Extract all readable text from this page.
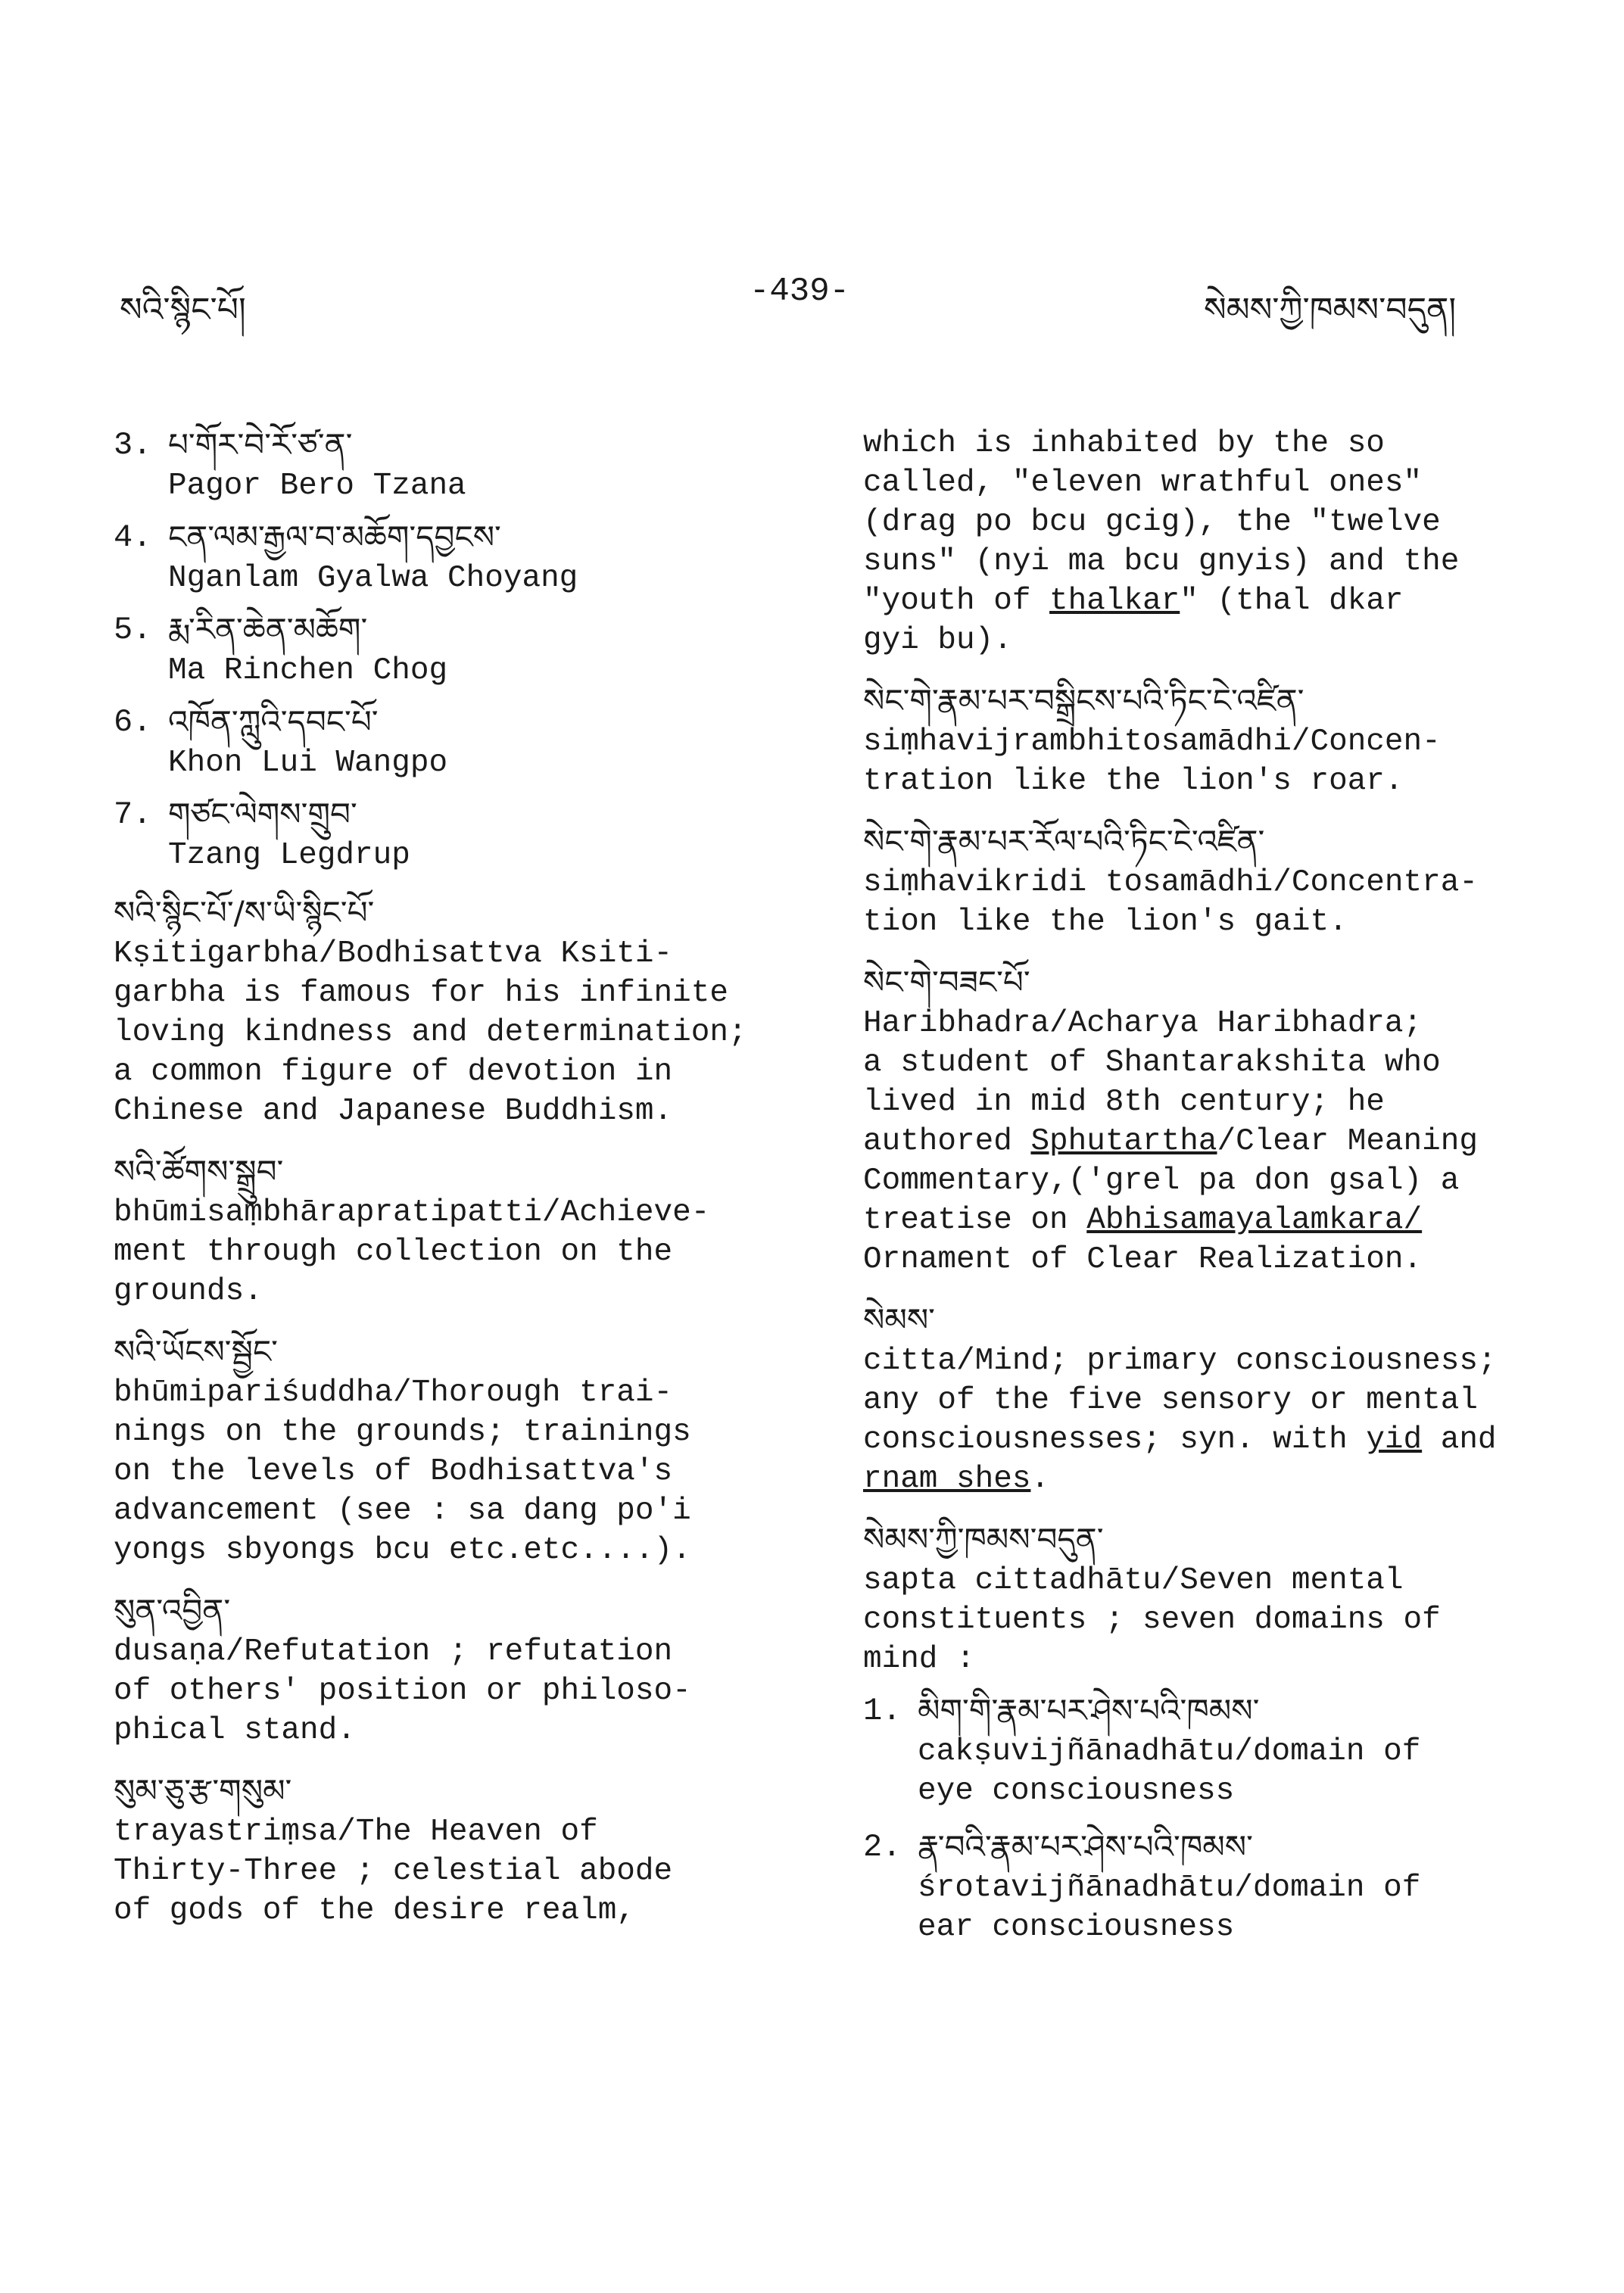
སའི་སྙིང་པོ།	-439-	སེམས་ཀྱི་ཁམས་བདུན།
3. པ་གོར་བེ་རོ་ཙ་ན་
Pagor Bero Tzana
4. ངན་ལམ་རྒྱལ་བ་མཆོག་དབྱངས་
Nganlam Gyalwa Choyang
5. རྨ་རིན་ཆེན་མཆོག་
Ma Rinchen Chog
6. འཁོན་ཀླུའི་དབང་པོ་
Khon Lui Wangpo
7. གཙང་ལེགས་གྲུབ་
Tzang Legdrup
སའི་སྙིང་པོ་/ས་ཡི་སྙིང་པོ་
Kṣitigarbha/Bodhisattva Ksiti-
garbha is famous for his infinite
loving kindness and determination;
a common figure of devotion in
Chinese and Japanese Buddhism.
སའི་ཚོགས་སྒྲུབ་
bhūmisaṃbhārapratipatti/Achieve-
ment through collection on the
grounds.
སའི་ཡོངས་སྦྱོང་
bhūmipariśuddha/Thorough trai-
nings on the grounds; trainings
on the levels of Bodhisattva's
advancement (see : sa dang po'i
yongs sbyongs bcu etc.etc....).
སུན་འབྱིན་
dusaṇa/Refutation ; refutation
of others' position or philoso-
phical stand.
སུམ་ཅུ་རྩ་གསུམ་
trayastriṃsa/The Heaven of
Thirty-Three ; celestial abode
of gods of the desire realm,
which is inhabited by the so
called, "eleven wrathful ones"
(drag po bcu gcig), the "twelve
suns" (nyi ma bcu gnyis) and the
"youth of thalkar" (thal dkar
gyi bu).
སེང་གེ་རྣམ་པར་བསྒྲིངས་པའི་ཏིང་ངེ་འཛིན་
siṃhavijrambhitosamādhi/Concen-
tration like the lion's roar.
སེང་གེ་རྣམ་པར་རོལ་པའི་ཏིང་ངེ་འཛིན་
siṃhavikridi tosamādhi/Concentra-
tion like the lion's gait.
སེང་གེ་བཟང་པོ་
Haribhadra/Acharya Haribhadra;
a student of Shantarakshita who
lived in mid 8th century; he
authored Sphutartha/Clear Meaning
Commentary,('grel pa don gsal) a
treatise on Abhisamayalamkara/
Ornament of Clear Realization.
སེམས་
citta/Mind; primary consciousness;
any of the five sensory or mental
consciousnesses; syn. with yid and
rnam shes.
སེམས་ཀྱི་ཁམས་བདུན་
sapta cittadhātu/Seven mental
constituents ; seven domains of
mind :
1. མིག་གི་རྣམ་པར་ཤེས་པའི་ཁམས་
cakṣuvijñānadhātu/domain of
eye consciousness
2. རྣ་བའི་རྣམ་པར་ཤེས་པའི་ཁམས་
śrotavijñānadhātu/domain of
ear consciousness
